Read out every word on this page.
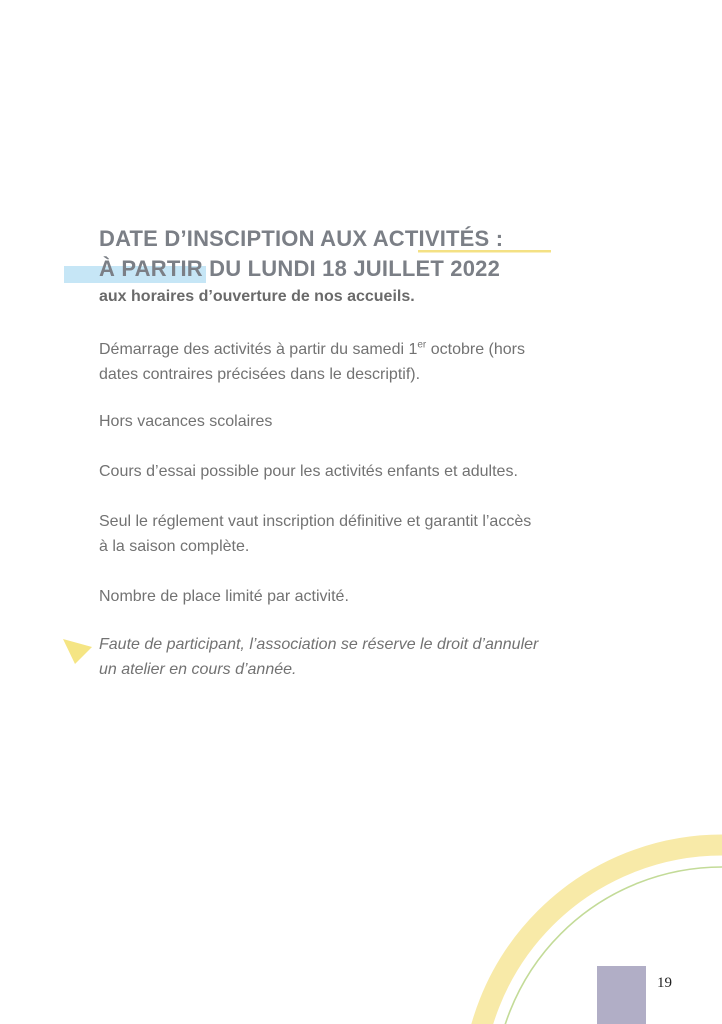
DATE D’INSCIPTION AUX ACTIVITÉS :
À PARTIR DU LUNDI 18 JUILLET 2022
aux horaires d’ouverture de nos accueils.
Démarrage des activités à partir du samedi 1er octobre (hors
dates contraires précisées dans le descriptif).
Hors vacances scolaires
Cours d’essai possible pour les activités enfants et adultes.
Seul le réglement vaut inscription définitive et garantit l’accès
à la saison complète.
Nombre de place limité par activité.
Faute de participant, l’association se réserve le droit d’annuler
un atelier en cours d’année.
19
